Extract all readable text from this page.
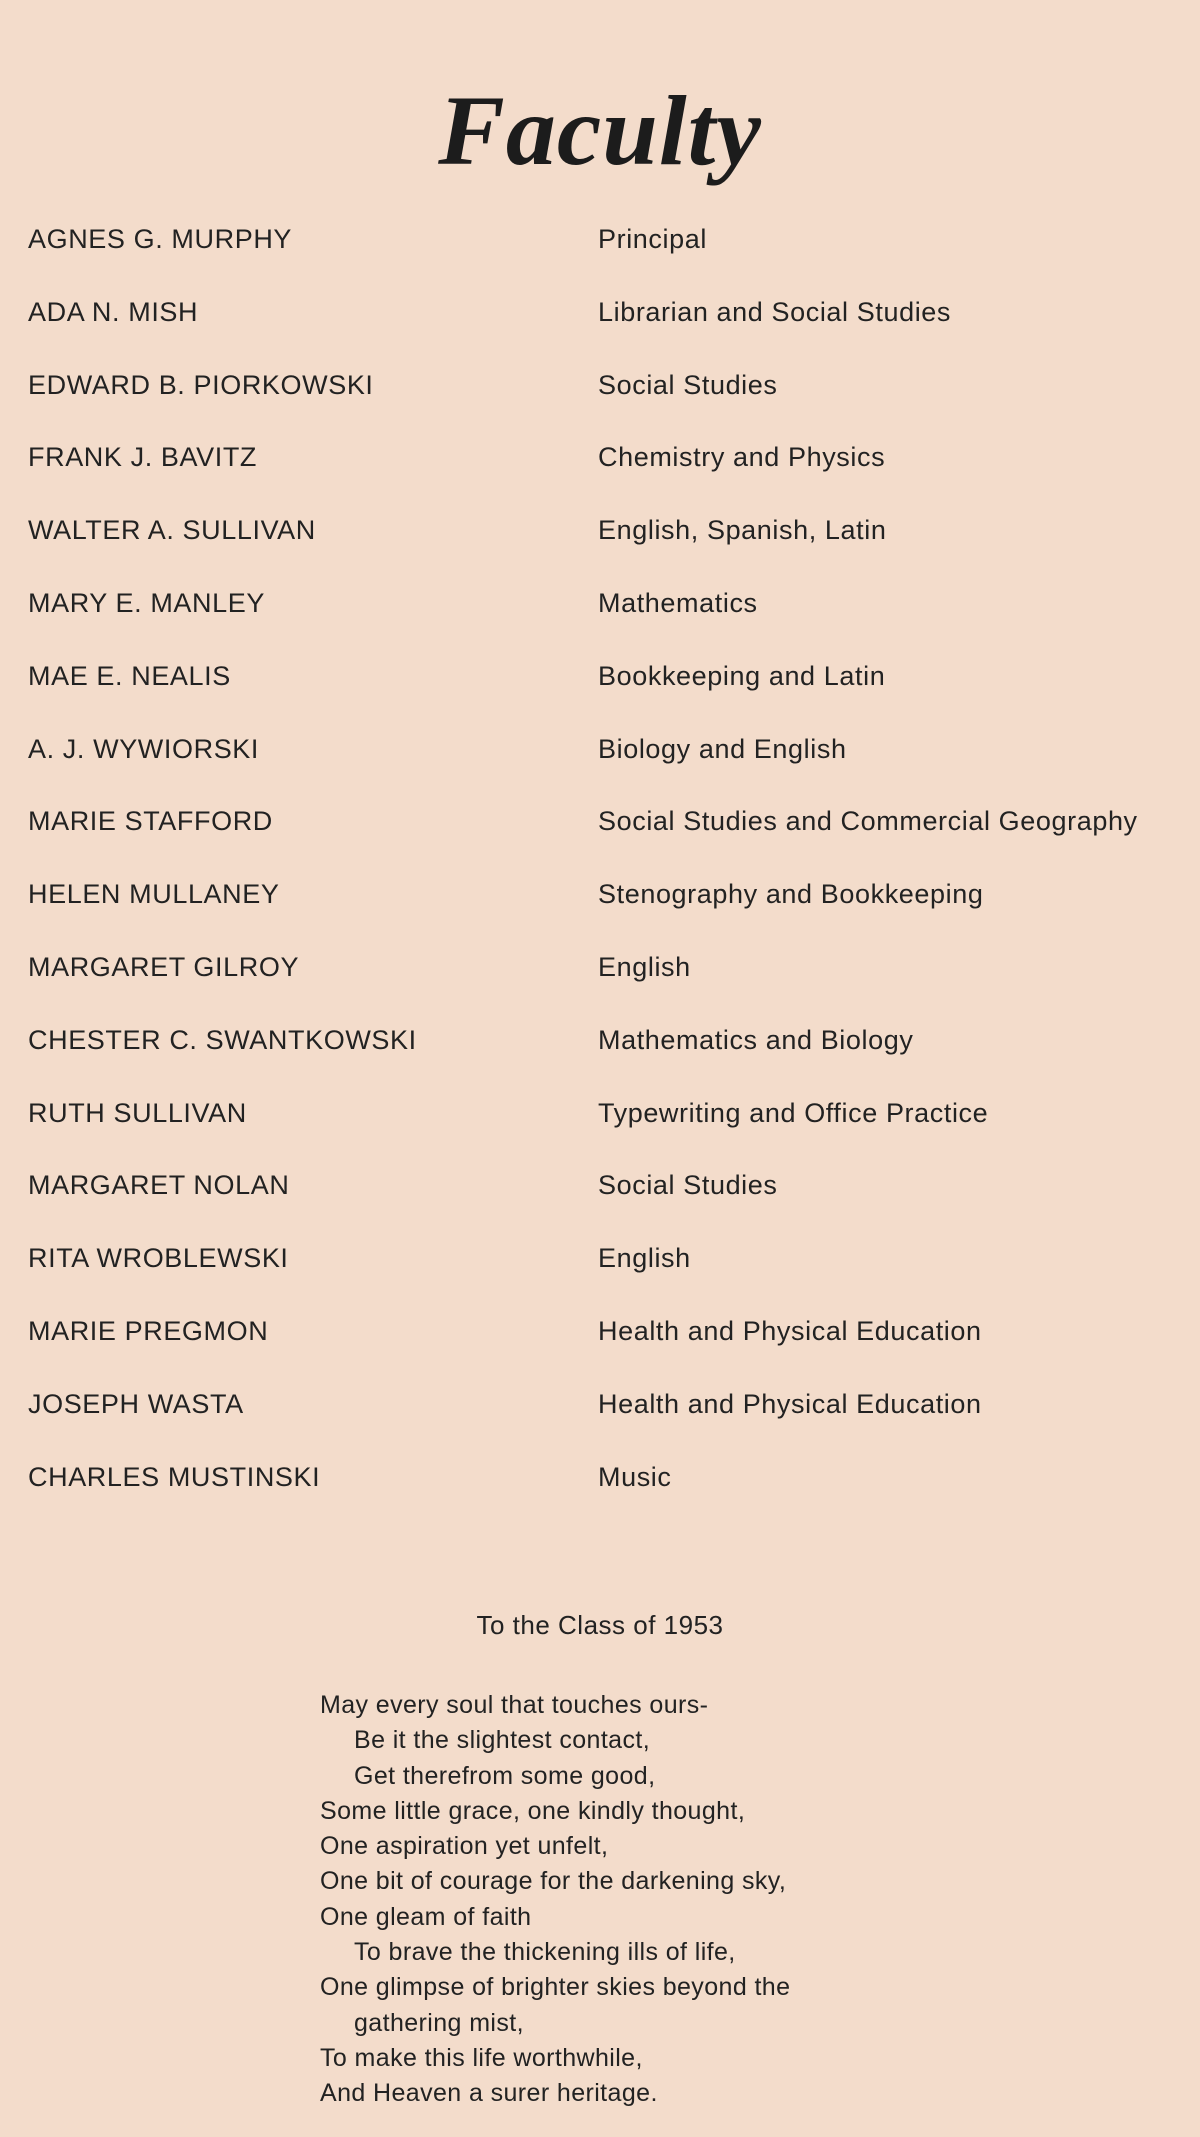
Faculty
AGNES G. MURPHY	Principal
ADA N. MISH	Librarian and Social Studies
EDWARD B. PIORKOWSKI	Social Studies
FRANK J. BAVITZ	Chemistry and Physics
WALTER A. SULLIVAN	English, Spanish, Latin
MARY E. MANLEY	Mathematics
MAE E. NEALIS	Bookkeeping and Latin
A. J. WYWIORSKI	Biology and English
MARIE STAFFORD	Social Studies and Commercial Geography
HELEN MULLANEY	Stenography and Bookkeeping
MARGARET GILROY	English
CHESTER C. SWANTKOWSKI	Mathematics and Biology
RUTH SULLIVAN	Typewriting and Office Practice
MARGARET NOLAN	Social Studies
RITA WROBLEWSKI	English
MARIE PREGMON	Health and Physical Education
JOSEPH WASTA	Health and Physical Education
CHARLES MUSTINSKI	Music
To the Class of 1953
May every soul that touches ours-
Be it the slightest contact,
Get therefrom some good,
Some little grace, one kindly thought,
One aspiration yet unfelt,
One bit of courage for the darkening sky,
One gleam of faith
To brave the thickening ills of life,
One glimpse of brighter skies beyond the
gathering mist,
To make this life worthwhile,
And Heaven a surer heritage.
